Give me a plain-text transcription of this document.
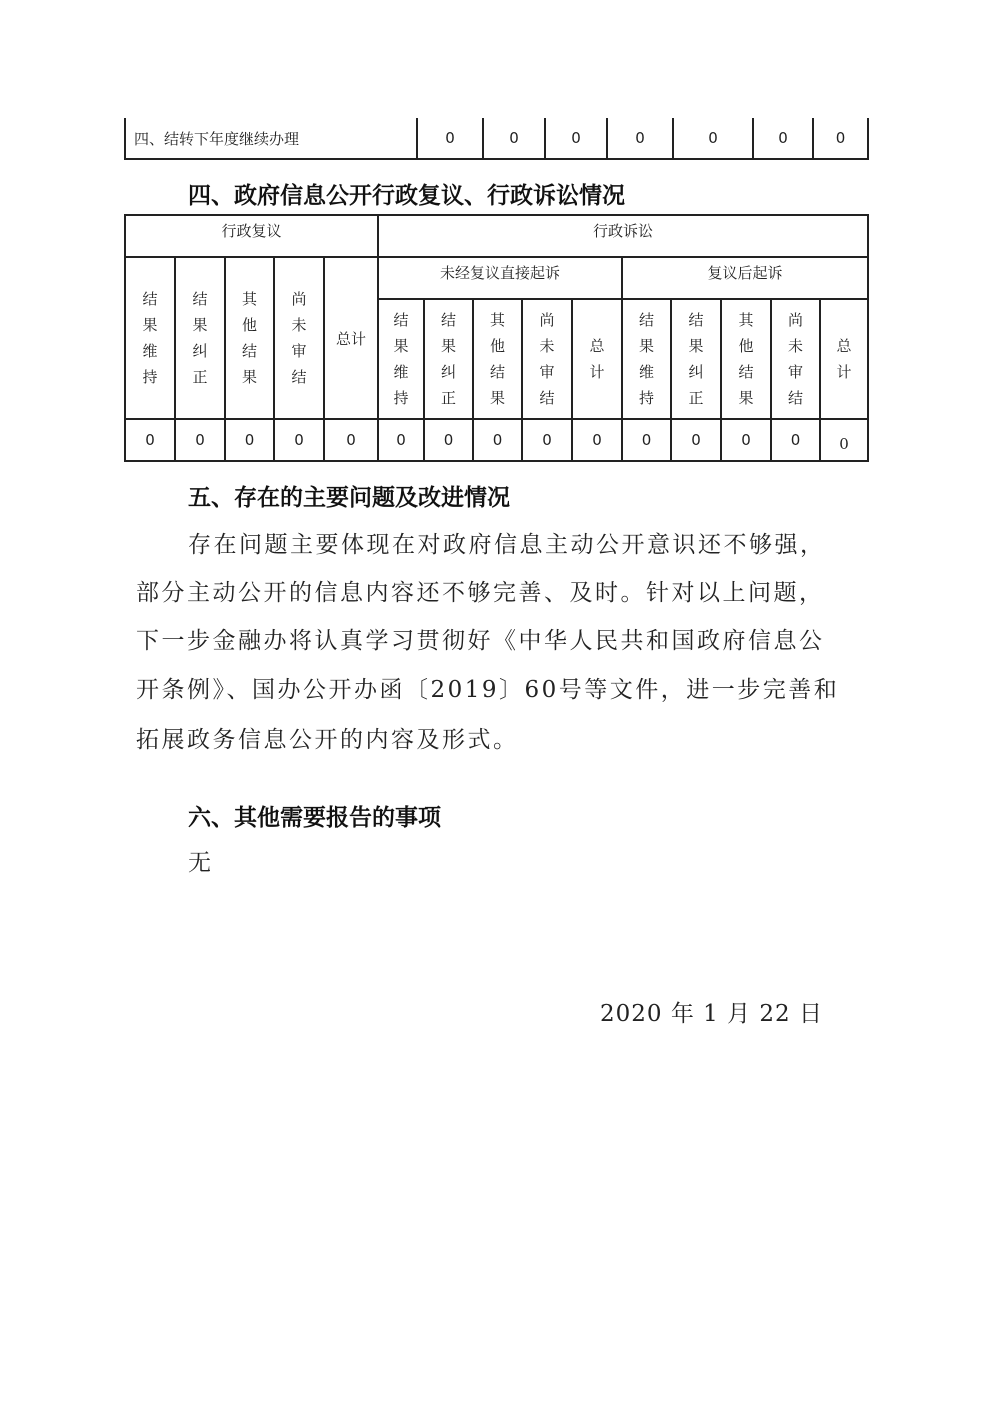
四、结转下年度继续办理	0	0	0	0	0	0	0
四、政府信息公开行政复议、行政诉讼情况
行政复议					行政诉讼									
结果维持	结果纠正	其他结果	尚未审结	总计	未经复议直接起诉					复议后起诉				
					结果维持	结果纠正	其他结果	尚未审结	总计	结果维持	结果纠正	其他结果	尚未审结	总计
0	0	0	0	0	0	0	0	0	0	0	0	0	0	0
五、存在的主要问题及改进情况
存在问题主要体现在对政府信息主动公开意识还不够强，
部分主动公开的信息内容还不够完善、及时。针对以上问题，
下一步金融办将认真学习贯彻好《中华人民共和国政府信息公
开条例》、国办公开办函〔2019〕60号等文件，进一步完善和
拓展政务信息公开的内容及形式。
六、其他需要报告的事项
无
2020 年 1 月 22 日
